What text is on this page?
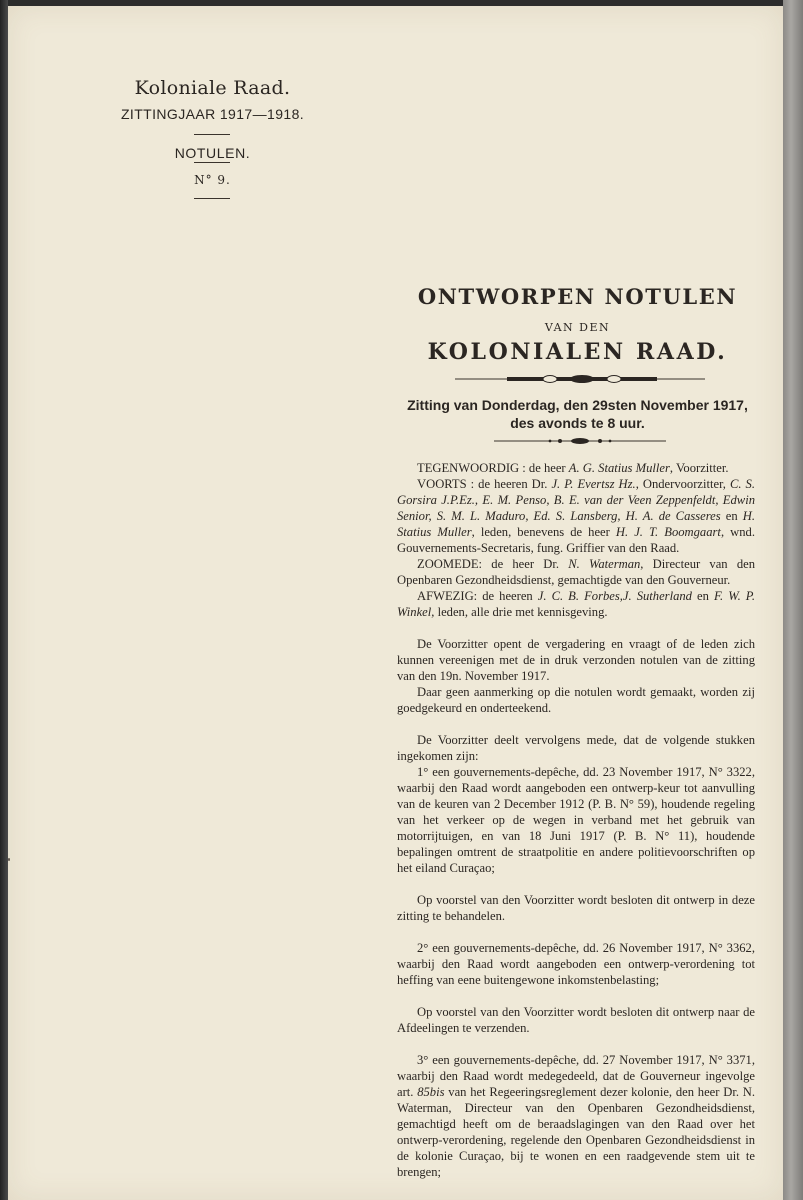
Koloniale Raad.
ZITTINGJAAR 1917—1918.
NOTULEN.
N° 9.
ONTWORPEN NOTULEN
VAN DEN
KOLONIALEN RAAD.
Zitting van Donderdag, den 29sten November 1917,
des avonds te 8 uur.

TEGENWOORDIG : de heer A. G. Statius Muller, Voorzitter.

VOORTS : de heeren Dr. J. P. Evertsz Hz., Ondervoorzitter, C. S. Gorsira J.P.Ez., E. M. Penso, B. E. van der Veen Zeppenfeldt, Edwin Senior, S. M. L. Maduro, Ed. S. Lansberg, H. A. de Casseres en H. Statius Muller, leden, benevens de heer H. J. T. Boomgaart, wnd. Gouvernements-Secretaris, fung. Griffier van den Raad.

ZOOMEDE: de heer Dr. N. Waterman, Directeur van den Openbaren Gezondheidsdienst, gemachtigde van den Gouverneur.

AFWEZIG: de heeren J. C. B. Forbes,J. Sutherland en F. W. P. Winkel, leden, alle drie met kennisgeving.

De Voorzitter opent de vergadering en vraagt of de leden zich kunnen vereenigen met de in druk verzonden notulen van de zitting van den 19n. November 1917.

Daar geen aanmerking op die notulen wordt gemaakt, worden zij goedgekeurd en onderteekend.

De Voorzitter deelt vervolgens mede, dat de volgende stukken ingekomen zijn:

1° een gouvernements-depêche, dd. 23 November 1917, N° 3322, waarbij den Raad wordt aangeboden een ontwerp-keur tot aanvulling van de keuren van 2 December 1912 (P. B. N° 59), houdende regeling van het verkeer op de wegen in verband met het gebruik van motorrijtuigen, en van 18 Juni 1917 (P. B. N° 11), houdende bepalingen omtrent de straatpolitie en andere politievoorschriften op het eiland Curaçao;

Op voorstel van den Voorzitter wordt besloten dit ontwerp in deze zitting te behandelen.

2° een gouvernements-depêche, dd. 26 November 1917, N° 3362, waarbij den Raad wordt aangeboden een ontwerp-verordening tot heffing van eene buitengewone inkomstenbelasting;

Op voorstel van den Voorzitter wordt besloten dit ontwerp naar de Afdeelingen te verzenden.

3° een gouvernements-depêche, dd. 27 November 1917, N° 3371, waarbij den Raad wordt medegedeeld, dat de Gouverneur ingevolge art. 85bis van het Regeeringsreglement dezer kolonie, den heer Dr. N. Waterman, Directeur van den Openbaren Gezondheidsdienst, gemachtigd heeft om de beraadslagingen van den Raad over het ontwerp-verordening, regelende den Openbaren Gezondheidsdienst in de kolonie Curaçao, bij te wonen en een raadgevende stem uit te brengen;
